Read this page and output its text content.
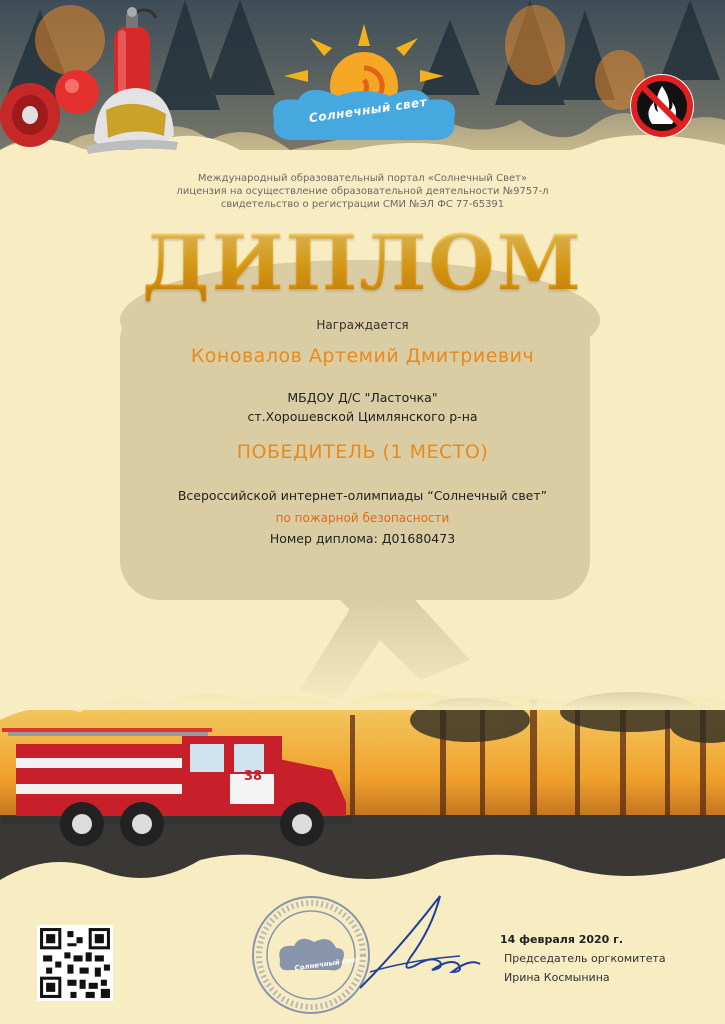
Солнечный свет
Международный образовательный портал «Солнечный Свет»
лицензия на осуществление образовательной деятельности №9757-л
свидетельство о регистрации СМИ №ЭЛ ФС 77-65391
ДИПЛОМ
Награждается
Коновалов Артемий Дмитриевич
МБДОУ Д/С "Ласточка"
ст.Хорошевской Цимлянского р-на
ПОБЕДИТЕЛЬ (1 МЕСТО)
Всероссийской интернет-олимпиады “Солнечный свет”
по пожарной безопасности
Номер диплома: Д01680473
38
Солнечный свет
14 февраля 2020 г.
Председатель оргкомитета
Ирина Космынина
